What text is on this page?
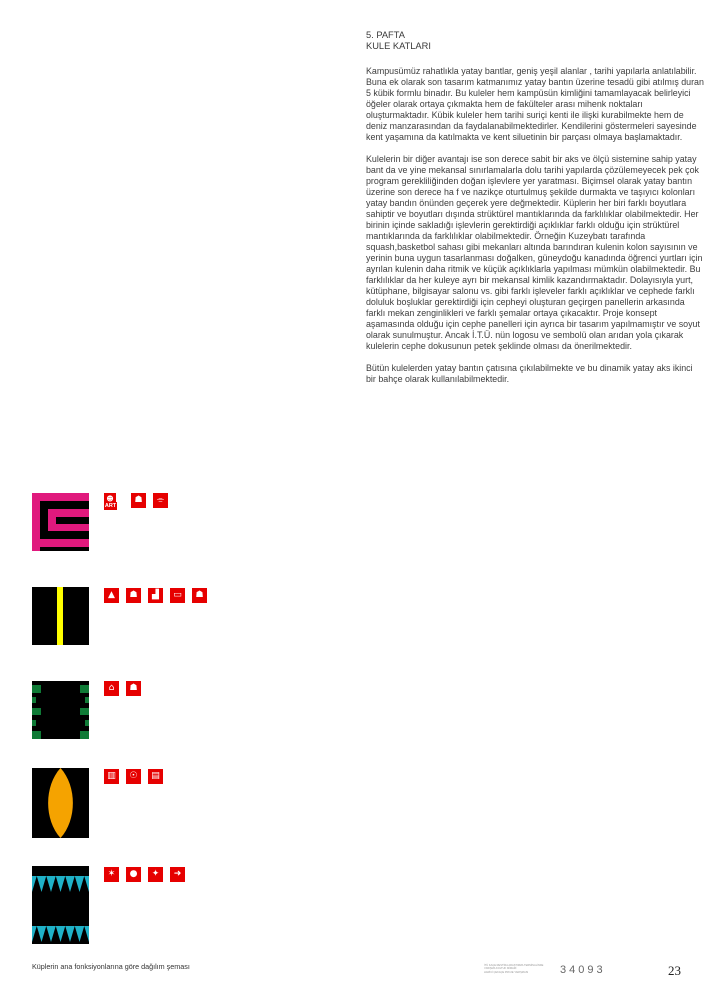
5. PAFTA
KULE KATLARI

Kampusümüz rahatlıkla yatay bantlar, geniş yeşil alanlar , tarihi yapılarla anlatılabilir. Buna ek olarak son tasarım katmanımız yatay bantın üzerine tesadü gibi atılmış duran 5 kübik formlu binadır. Bu kuleler hem kampüsün kimliğini tamamlayacak belirleyici öğeler olarak ortaya çıkmakta hem de fakülteler arası mihenk noktaları oluşturmaktadır. Kübik kuleler hem tarihi suriçi kenti ile ilişki kurabilmekte hem de deniz manzarasından da faydalanabilmektedirler. Kendilerini göstermeleri sayesinde kent yaşamına da katılmakta ve kent siluetinin bir parçası olmaya başlamaktadır.

Kulelerin bir diğer avantajı ise son derece sabit bir aks ve ölçü sistemine sahip yatay bant da ve yine mekansal sınırlamalarla dolu tarihi yapılarda çözülemeyecek pek çok program gerekliliğinden doğan işlevlere yer yaratması. Biçimsel olarak yatay bantın üzerine son derece ha f ve nazikçe oturtulmuş şekilde durmakta ve taşıyıcı kolonları yatay bandın önünden geçerek yere değmektedir. Küplerin her biri farklı boyutlara sahiptir ve boyutları dışında strüktürel mantıklarında da farklılıklar olabilmektedir. Her birinin içinde sakladığı işlevlerin gerektirdiği açıklıklar farklı olduğu için strüktürel mantıklarında da farklılıklar olabilmektedir. Örneğin Kuzeybatı tarafında squash,basketbol sahası gibi mekanları altında barındıran kulenin kolon sayısının ve yerinin buna uygun tasarlanması doğalken, güneydoğu kanadında öğrenci yurtları için ayrılan kulenin daha ritmik ve küçük açıklıklarla yapılması mümkün olabilmektedir. Bu farklılıklar da her kuleye ayrı bir mekansal kimlik kazandırmaktadır. Dolayısıyla yurt, kütüphane, bilgisayar salonu vs. gibi farklı işleveler farklı açıklıklar ve cephede farklı doluluk boşluklar gerektirdiği için cepheyi oluşturan geçirgen panellerin arkasında farklı mekan zenginlikleri ve farklı şemalar ortaya çıkacaktır. Proje konsept aşamasında olduğu için cephe panelleri için ayrıca bir tasarım yapılmamıştır ve soyut olarak sunulmuştur. Ancak İ.T.Ü. nün logosu ve sembolü olan arıdan yola çıkarak kulelerin cephe dokusunun petek şeklinde olması da önerilmektedir.

Bütün kulelerden yatay bantın çatısına çıkılabilmekte ve bu dinamik yatay aks ikinci bir bahçe olarak kullanılabilmektedir.

☻	☗	⌯
ART
▲	☗	▟	▭	☗
⌂	☗
▥	☉	▤
✶	●	✦	➜
Küplerin ana fonksiyonlarına göre dağılım şeması	İTÜ KAÇE RESTİRA ARAŞTIRMA TERMİNALİNDE
YARIŞMA KOLTUK MİMARİ
HARİCİ ÇEKAÇE PROJE YARIŞMASI	34093	23
